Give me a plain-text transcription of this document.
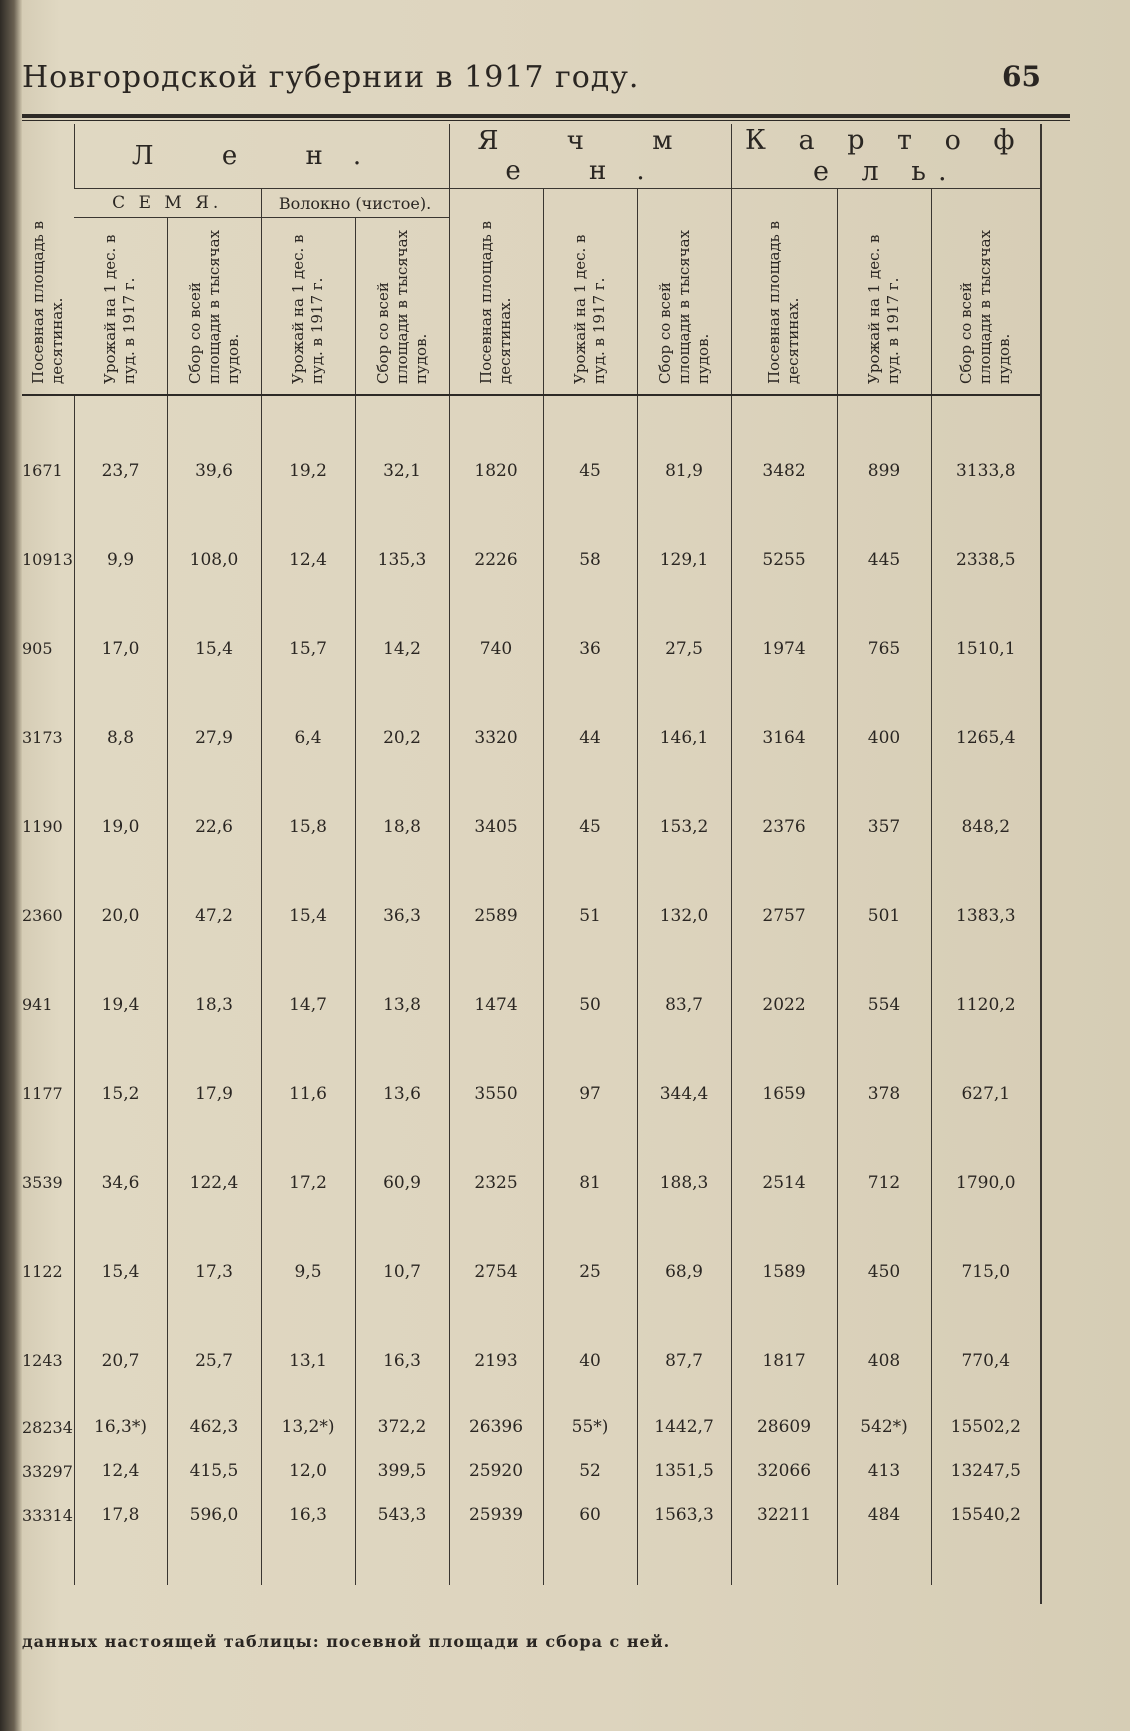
Новгородской губернии в 1917 году.	65
Посевная площадь в десятинах.	Л е н.				Я ч м е н.			К а р т о ф е л ь.		
	С Е М Я.		Волокно (чистое).		Посевная площадь в десятинах.	Урожай на 1 дес. в пуд. в 1917 г.	Сбор со всей площади в тысячах пудов.	Посевная площадь в десятинах.	Урожай на 1 дес. в пуд. в 1917 г.	Сбор со всей площади в тысячах пудов.
	Урожай на 1 дес. в пуд. в 1917 г.	Сбор со всей площади в тысячах пудов.	Урожай на 1 дес. в пуд. в 1917 г.	Сбор со всей площади в тысячах пудов.						

1671	23,7	39,6	19,2	32,1	1820	45	81,9	3482	899	3133,8
10913	9,9	108,0	12,4	135,3	2226	58	129,1	5255	445	2338,5
905	17,0	15,4	15,7	14,2	740	36	27,5	1974	765	1510,1
3173	8,8	27,9	6,4	20,2	3320	44	146,1	3164	400	1265,4
1190	19,0	22,6	15,8	18,8	3405	45	153,2	2376	357	848,2
2360	20,0	47,2	15,4	36,3	2589	51	132,0	2757	501	1383,3
941	19,4	18,3	14,7	13,8	1474	50	83,7	2022	554	1120,2
1177	15,2	17,9	11,6	13,6	3550	97	344,4	1659	378	627,1
3539	34,6	122,4	17,2	60,9	2325	81	188,3	2514	712	1790,0
1122	15,4	17,3	9,5	10,7	2754	25	68,9	1589	450	715,0
1243	20,7	25,7	13,1	16,3	2193	40	87,7	1817	408	770,4
28234	16,3*)	462,3	13,2*)	372,2	26396	55*)	1442,7	28609	542*)	15502,2
33297	12,4	415,5	12,0	399,5	25920	52	1351,5	32066	413	13247,5
33314	17,8	596,0	16,3	543,3	25939	60	1563,3	32211	484	15540,2

данных настоящей таблицы: посевной площади и сбора с ней.
